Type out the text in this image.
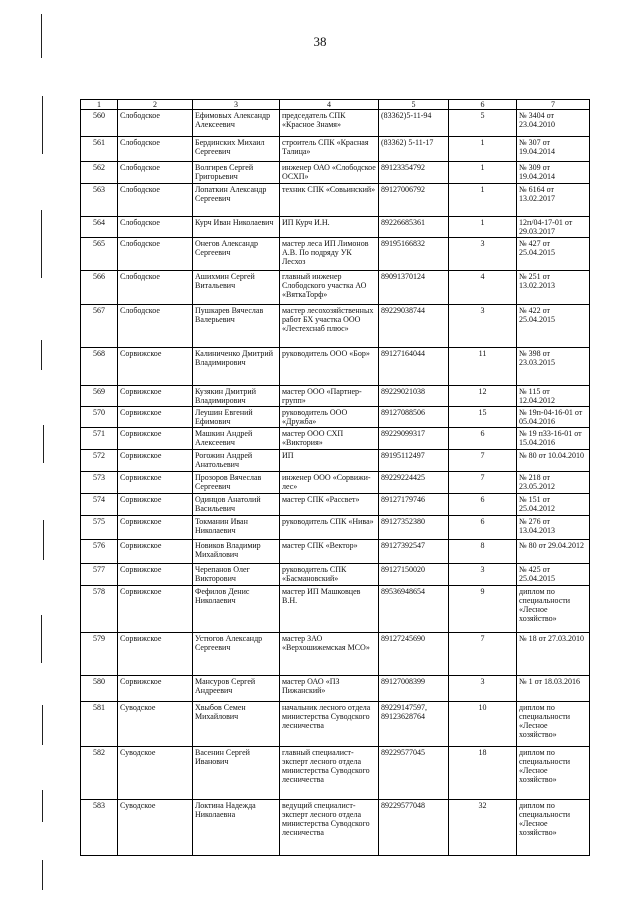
38
1	2	3	4	5	6	7
560	Слободское	Ефимовых Александр Алексеевич	председатель СПК «Красное Знамя»	(83362)5-11-94	5	№ 3404 от 23.04.2010
561	Слободское	Бердинских Михаил Сергеевич	строитель СПК «Красная Талица»	(83362) 5-11-17	1	№ 307 от 19.04.2014
562	Слободское	Волгирев Сергей Григорьевич	инженер ОАО «Слободское ОСХП»	89123354792	1	№ 309 от 19.04.2014
563	Слободское	Лопаткин Александр Сергеевич	техник СПК «Совьинский»	89127006792	1	№ 6164 от 13.02.2017
564	Слободское	Курч Иван Николаевич	ИП Курч И.Н.	89226685361	1	12п/04-17-01 от 29.03.2017
565	Слободское	Онегов Александр Сергеевич	мастер леса ИП Лимонов А.В. По подряду УК Лесхоз	89195166832	3	№ 427 от 25.04.2015
566	Слободское	Ашихмин Сергей Витальевич	главный инженер Слободского участка АО «ВяткаТорф»	89091370124	4	№ 251 от 13.02.2013
567	Слободское	Пушкарев Вячеслав Валерьевич	мастер лесохозяйственных работ БХ участка ООО «Лестехснаб плюс»	89229038744	3	№ 422 от 25.04.2015
568	Сорвижское	Калиниченко Дмитрий Владимирович	руководитель ООО «Бор»	89127164044	11	№ 398 от 23.03.2015
569	Сорвижское	Кузякин Дмитрий Владимирович	мастер ООО «Партнер-групп»	89229021038	12	№ 115 от 12.04.2012
570	Сорвижское	Леушин Евгений Ефимович	руководитель ООО «Дружба»	89127088506	15	№ 19п-04-16-01 от 05.04.2016
571	Сорвижское	Машкин Андрей Алексеевич	мастер ООО СХП «Виктория»	89229099317	6	№ 19 п33-16-01 от 15.04.2016
572	Сорвижское	Рогожин Андрей Анатольевич	ИП	89195112497	7	№ 80 от 10.04.2010
573	Сорвижское	Прозоров Вячеслав Сергеевич	инженер ООО «Сорвижи-лес»	89229224425	7	№ 218 от 23.05.2012
574	Сорвижское	Одинцов Анатолий Васильевич	мастер СПК «Рассвет»	89127179746	6	№ 151 от 25.04.2012
575	Сорвижское	Токманин Иван Николаевич	руководитель СПК «Нива»	89127352380	6	№ 276 от 13.04.2013
576	Сорвижское	Новиков Владимир Михайлович	мастер СПК «Вектор»	89127392547	8	№ 80 от 29.04.2012
577	Сорвижское	Черепанов Олег Викторович	руководитель СПК «Басмановский»	89127150020	3	№ 425 от 25.04.2015
578	Сорвижское	Фефилов Денис Николаевич	мастер ИП Машковцев В.Н.	89536948654	9	диплом по специальности «Лесное хозяйство»
579	Сорвижское	Устюгов Александр Сергеевич	мастер ЗАО «Верхошижемская МСО»	89127245690	7	№ 18 от 27.03.2010
580	Сорвижское	Мансуров Сергей Андреевич	мастер ОАО «ПЗ Пижанский»	89127008399	3	№ 1 от 18.03.2016
581	Суводское	Хвыбов Семен Михайлович	начальник лесного отдела министерства Суводского лесничества	89229147597, 89123628764	10	диплом по специальности «Лесное хозяйство»
582	Суводское	Васенин Сергей Иванович	главный специалист-эксперт лесного отдела министерства Суводского лесничества	89229577045	18	диплом по специальности «Лесное хозяйство»
583	Суводское	Локтина Надежда Николаевна	ведущий специалист-эксперт лесного отдела министерства Суводского лесничества	89229577048	32	диплом по специальности «Лесное хозяйство»
